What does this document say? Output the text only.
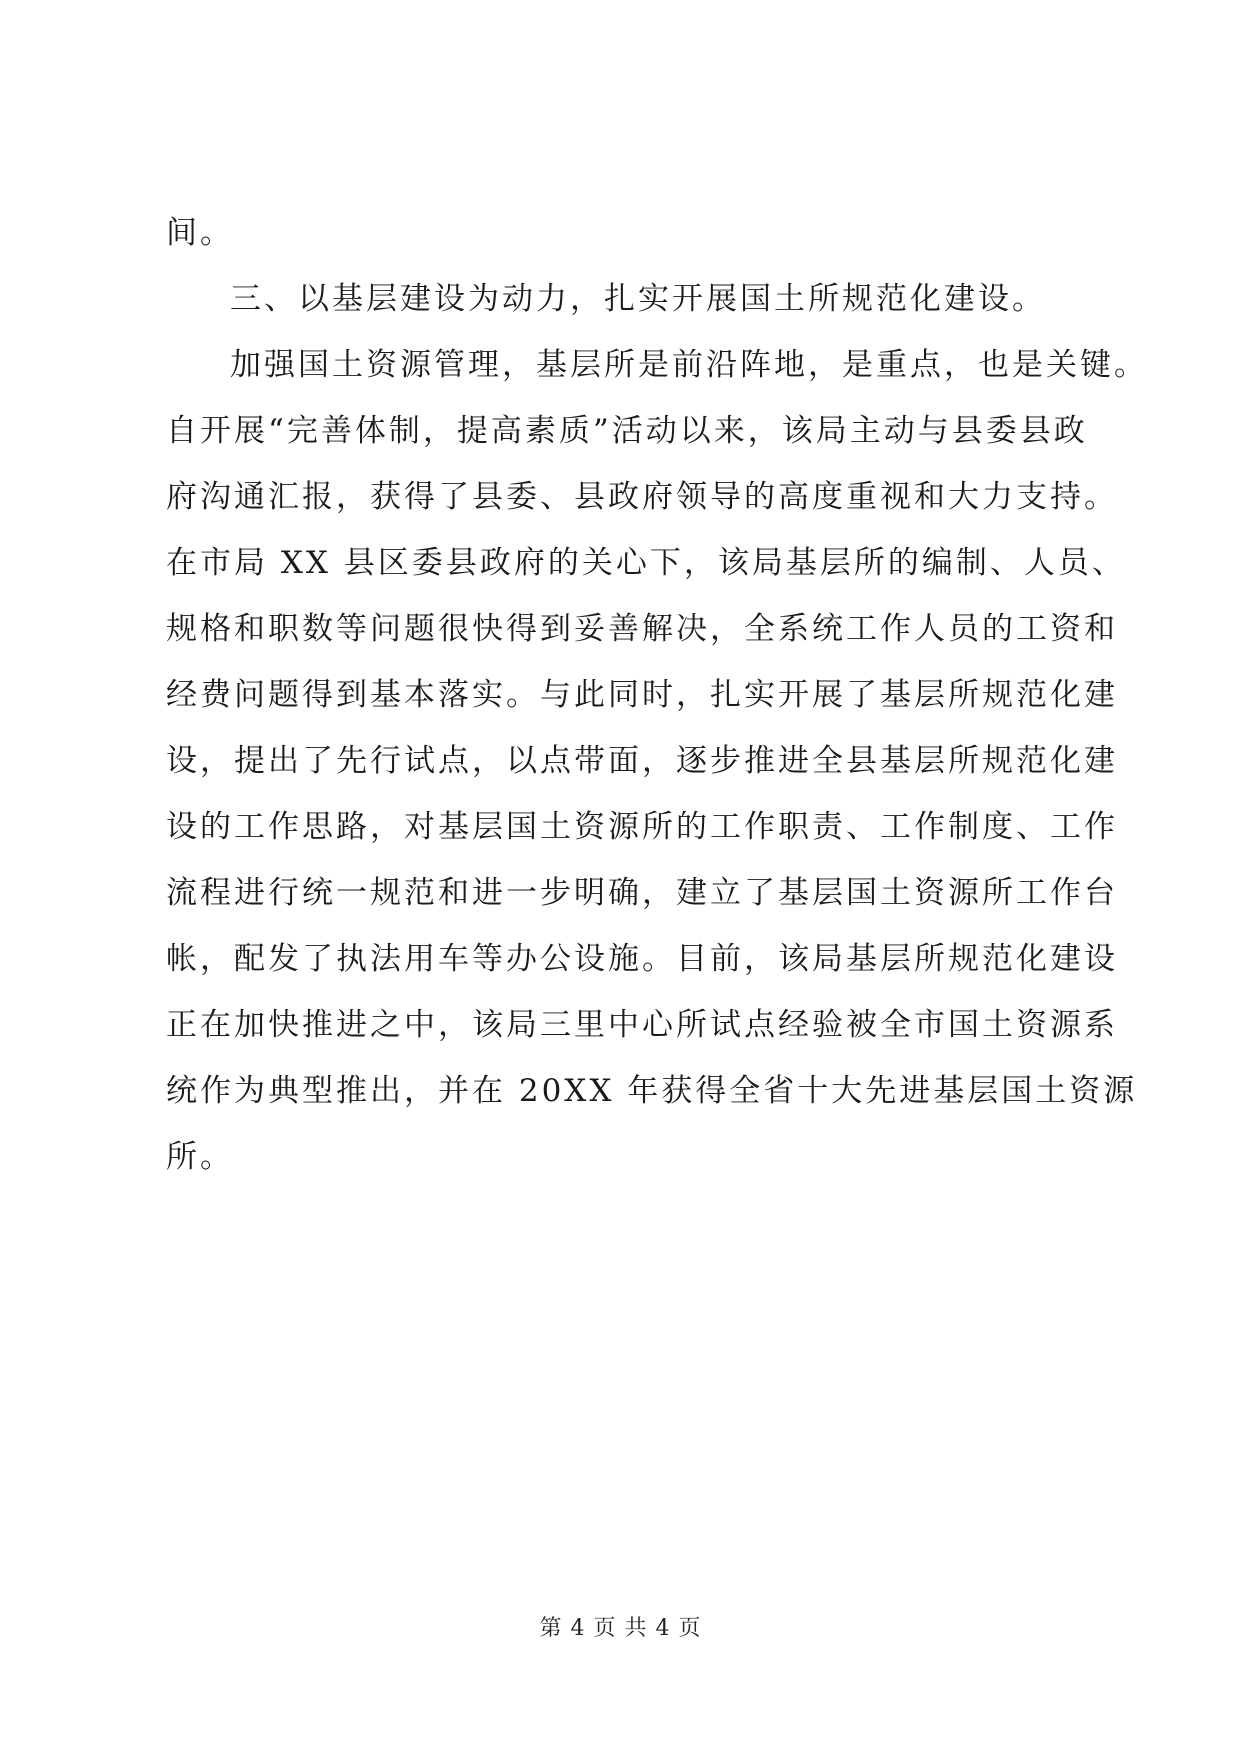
间。
三、以基层建设为动力，扎实开展国土所规范化建设。
加强国土资源管理，基层所是前沿阵地，是重点，也是关键。
自开展“完善体制，提高素质”活动以来，该局主动与县委县政
府沟通汇报，获得了县委、县政府领导的高度重视和大力支持。
在市局 XX 县区委县政府的关心下，该局基层所的编制、人员、
规格和职数等问题很快得到妥善解决，全系统工作人员的工资和
经费问题得到基本落实。与此同时，扎实开展了基层所规范化建
设，提出了先行试点，以点带面，逐步推进全县基层所规范化建
设的工作思路，对基层国土资源所的工作职责、工作制度、工作
流程进行统一规范和进一步明确，建立了基层国土资源所工作台
帐，配发了执法用车等办公设施。目前，该局基层所规范化建设
正在加快推进之中，该局三里中心所试点经验被全市国土资源系
统作为典型推出，并在 20XX 年获得全省十大先进基层国土资源
所。
第 4 页 共 4 页
